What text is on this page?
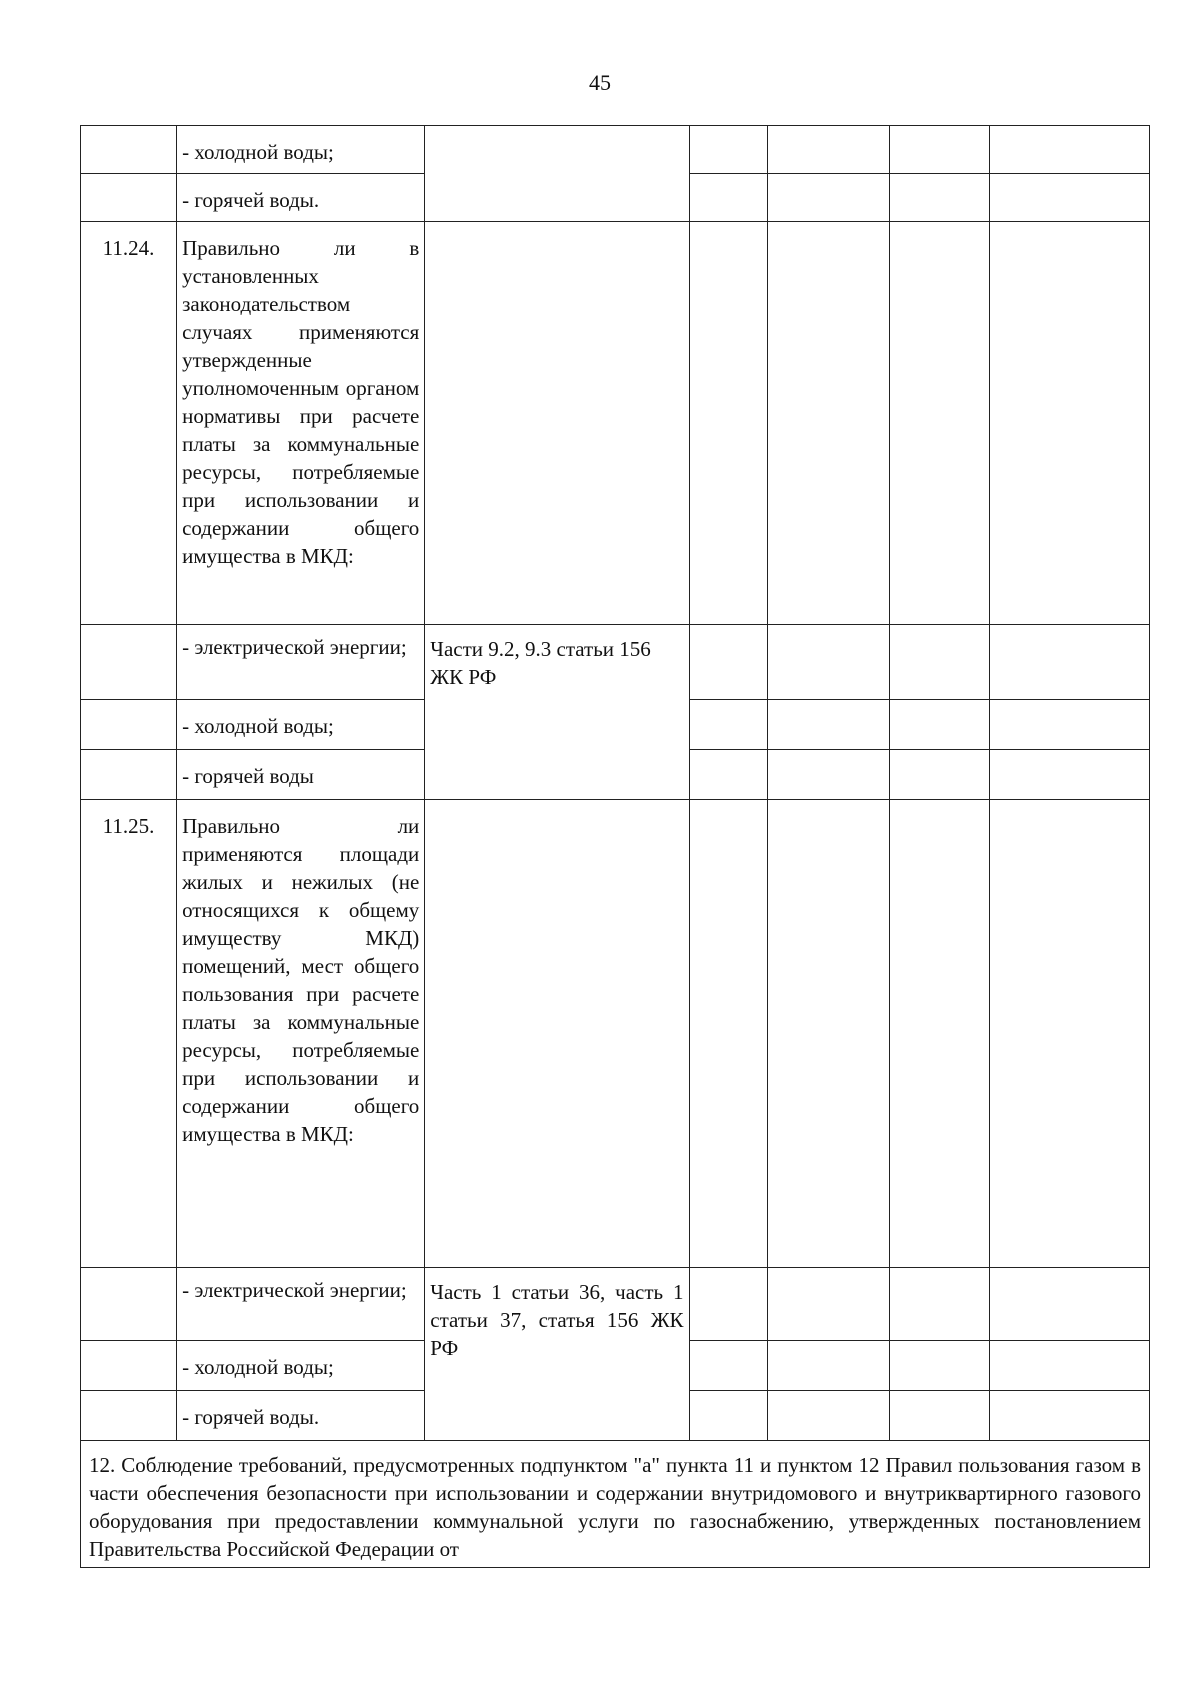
45
	- холодной воды;					
	- горячей воды.					
11.24.	Правильно ли в установленных законодательством случаях применяются утвержденные уполномоченным органом нормативы при расчете платы за коммунальные ресурсы, потребляемые при использовании и содержании общего имущества в МКД:					
	- электрической энергии;	Части 9.2, 9.3 статьи 156 ЖК РФ				
	- холодной воды;					
	- горячей воды					
11.25.	Правильно ли применяются площади жилых и нежилых (не относящихся к общему имуществу МКД) помещений, мест общего пользования при расчете платы за коммунальные ресурсы, потребляемые при использовании и содержании общего имущества в МКД:					
	- электрической энергии;	Часть 1 статьи 36, часть 1 статьи 37, статья 156 ЖК РФ				
	- холодной воды;					
	- горячей воды.					
12. Соблюдение требований, предусмотренных подпунктом "а" пункта 11 и пунктом 12 Правил пользования газом в части обеспечения безопасности при использовании и содержании внутридомового и внутриквартирного газового оборудования при предоставлении коммунальной услуги по газоснабжению, утвержденных постановлением Правительства Российской Федерации от						
